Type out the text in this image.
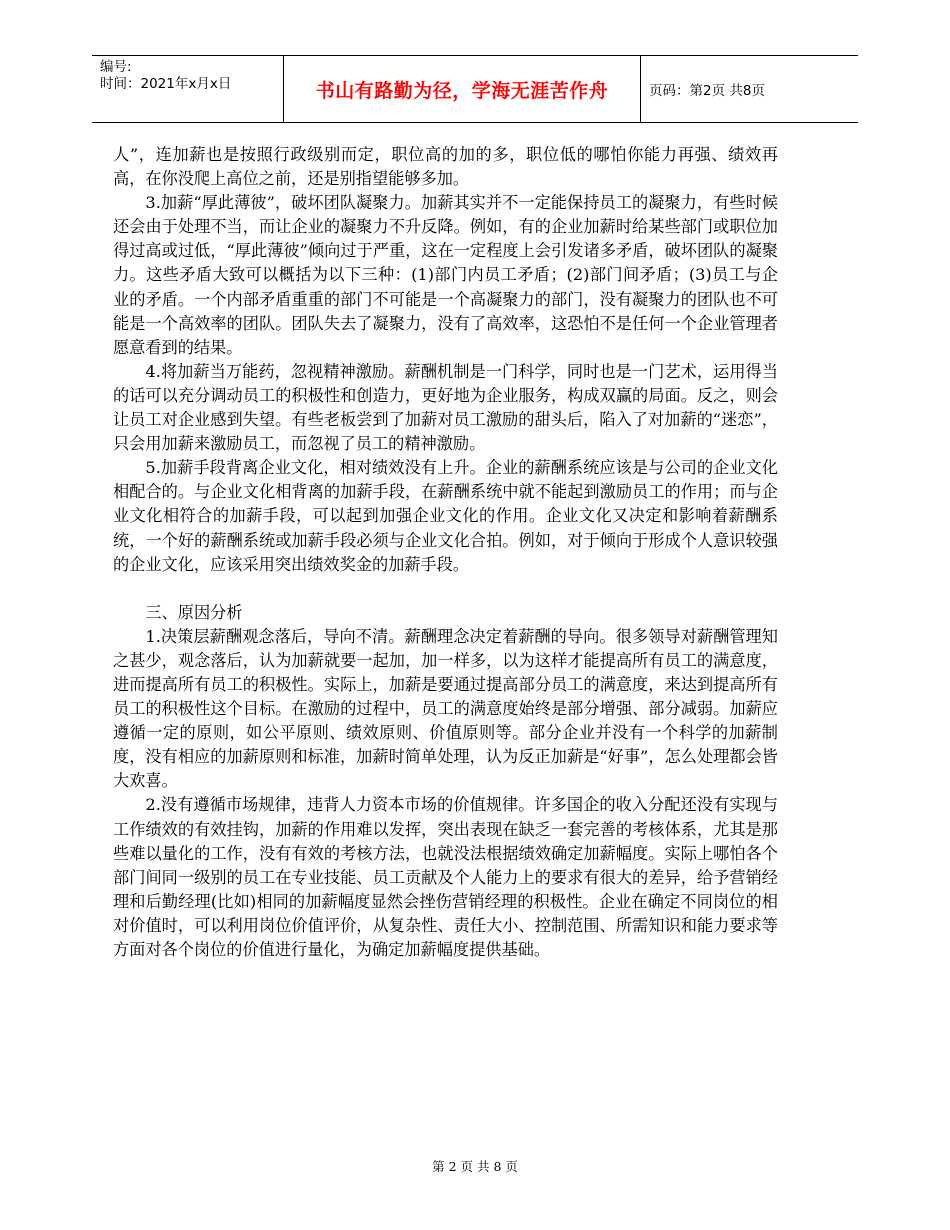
编号:
时间：2021年x月x日	书山有路勤为径，学海无涯苦作舟	页码：第2页 共8页

人”，连加薪也是按照行政级别而定，职位高的加的多，职位低的哪怕你能力再强、绩效再高，在你没爬上高位之前，还是别指望能够多加。

3.加薪“厚此薄彼”，破坏团队凝聚力。加薪其实并不一定能保持员工的凝聚力，有些时候还会由于处理不当，而让企业的凝聚力不升反降。例如，有的企业加薪时给某些部门或职位加得过高或过低，“厚此薄彼”倾向过于严重，这在一定程度上会引发诸多矛盾，破坏团队的凝聚力。这些矛盾大致可以概括为以下三种：(1)部门内员工矛盾；(2)部门间矛盾；(3)员工与企业的矛盾。一个内部矛盾重重的部门不可能是一个高凝聚力的部门，没有凝聚力的团队也不可能是一个高效率的团队。团队失去了凝聚力，没有了高效率，这恐怕不是任何一个企业管理者愿意看到的结果。

4.将加薪当万能药，忽视精神激励。薪酬机制是一门科学，同时也是一门艺术，运用得当的话可以充分调动员工的积极性和创造力，更好地为企业服务，构成双赢的局面。反之，则会让员工对企业感到失望。有些老板尝到了加薪对员工激励的甜头后，陷入了对加薪的“迷恋”，只会用加薪来激励员工，而忽视了员工的精神激励。

5.加薪手段背离企业文化，相对绩效没有上升。企业的薪酬系统应该是与公司的企业文化相配合的。与企业文化相背离的加薪手段，在薪酬系统中就不能起到激励员工的作用；而与企业文化相符合的加薪手段，可以起到加强企业文化的作用。企业文化又决定和影响着薪酬系统，一个好的薪酬系统或加薪手段必须与企业文化合拍。例如，对于倾向于形成个人意识较强的企业文化，应该采用突出绩效奖金的加薪手段。

三、原因分析

1.决策层薪酬观念落后，导向不清。薪酬理念决定着薪酬的导向。很多领导对薪酬管理知之甚少，观念落后，认为加薪就要一起加，加一样多，以为这样才能提高所有员工的满意度，进而提高所有员工的积极性。实际上，加薪是要通过提高部分员工的满意度，来达到提高所有员工的积极性这个目标。在激励的过程中，员工的满意度始终是部分增强、部分减弱。加薪应遵循一定的原则，如公平原则、绩效原则、价值原则等。部分企业并没有一个科学的加薪制度，没有相应的加薪原则和标准，加薪时简单处理，认为反正加薪是“好事”，怎么处理都会皆大欢喜。

2.没有遵循市场规律，违背人力资本市场的价值规律。许多国企的收入分配还没有实现与工作绩效的有效挂钩，加薪的作用难以发挥，突出表现在缺乏一套完善的考核体系，尤其是那些难以量化的工作，没有有效的考核方法，也就没法根据绩效确定加薪幅度。实际上哪怕各个部门间同一级别的员工在专业技能、员工贡献及个人能力上的要求有很大的差异，给予营销经理和后勤经理(比如)相同的加薪幅度显然会挫伤营销经理的积极性。企业在确定不同岗位的相对价值时，可以利用岗位价值评价，从复杂性、责任大小、控制范围、所需知识和能力要求等方面对各个岗位的价值进行量化，为确定加薪幅度提供基础。

第 2 页 共 8 页
